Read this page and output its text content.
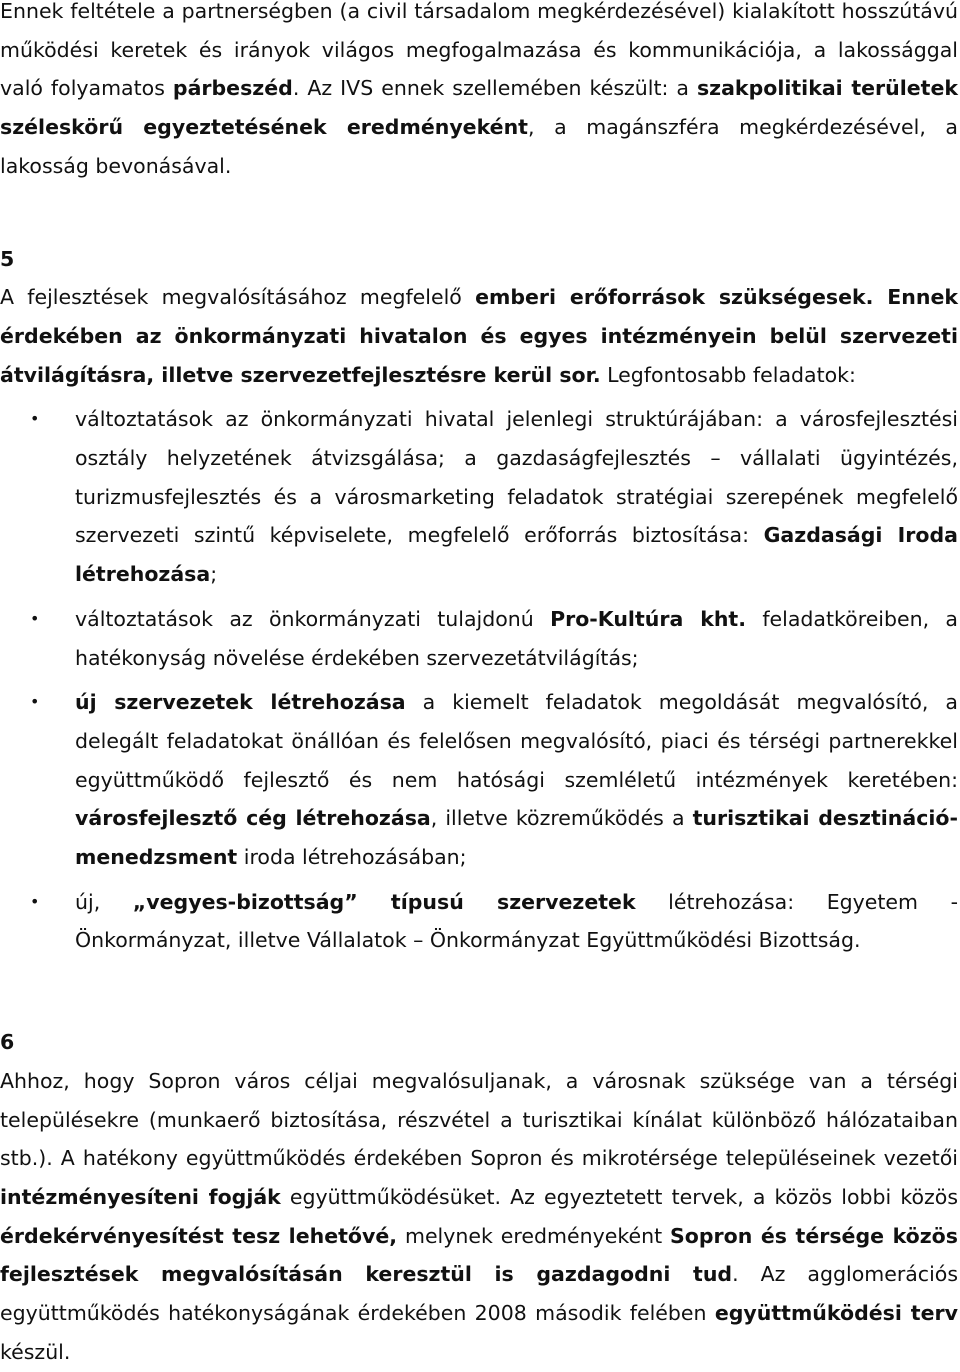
Ennek feltétele a partnerségben (a civil társadalom megkérdezésével) kialakított hosszútávú működési keretek és irányok világos megfogalmazása és kommunikációja, a lakossággal való folyamatos párbeszéd. Az IVS ennek szellemében készült: a szakpolitikai területek széleskörű egyeztetésének eredményeként, a magánszféra megkérdezésével, a lakosság bevonásával.

5

A fejlesztések megvalósításához megfelelő emberi erőforrások szükségesek. Ennek érdekében az önkormányzati hivatalon és egyes intézményein belül szervezeti átvilágításra, illetve szervezetfejlesztésre kerül sor. Legfontosabb feladatok:

• változtatások az önkormányzati hivatal jelenlegi struktúrájában: a városfejlesztési osztály helyzetének átvizsgálása; a gazdaságfejlesztés – vállalati ügyintézés, turizmusfejlesztés és a városmarketing feladatok stratégiai szerepének megfelelő szervezeti szintű képviselete, megfelelő erőforrás biztosítása: Gazdasági Iroda létrehozása;
• változtatások az önkormányzati tulajdonú Pro-Kultúra kht. feladatköreiben, a hatékonyság növelése érdekében szervezetátvilágítás;
• új szervezetek létrehozása a kiemelt feladatok megoldását megvalósító, a delegált feladatokat önállóan és felelősen megvalósító, piaci és térségi partnerekkel együttműködő fejlesztő és nem hatósági szemléletű intézmények keretében: városfejlesztő cég létrehozása, illetve közreműködés a turisztikai desztináció-menedzsment iroda létrehozásában;
• új, „vegyes-bizottság” típusú szervezetek létrehozása: Egyetem - Önkormányzat, illetve Vállalatok – Önkormányzat Együttműködési Bizottság.
6

Ahhoz, hogy Sopron város céljai megvalósuljanak, a városnak szüksége van a térségi településekre (munkaerő biztosítása, részvétel a turisztikai kínálat különböző hálózataiban stb.). A hatékony együttműködés érdekében Sopron és mikrotérsége településeinek vezetői intézményesíteni fogják együttműködésüket. Az egyeztetett tervek, a közös lobbi közös érdekérvényesítést tesz lehetővé, melynek eredményeként Sopron és térsége közös fejlesztések megvalósításán keresztül is gazdagodni tud. Az agglomerációs együttműködés hatékonyságának érdekében 2008 második felében együttműködési terv készül.
